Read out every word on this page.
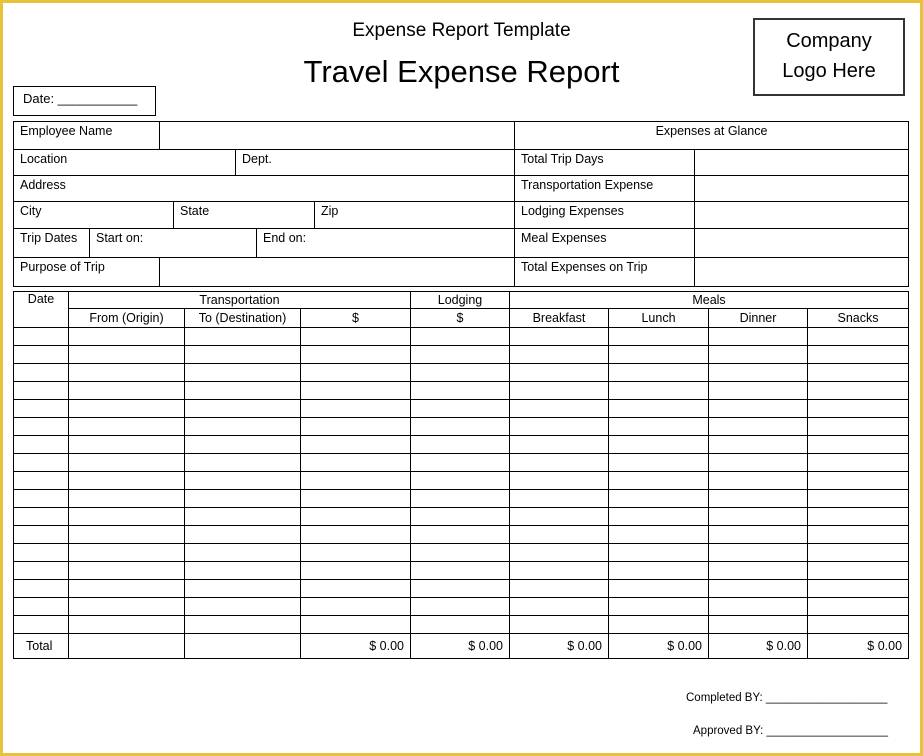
Expense Report Template
Travel Expense Report
Company
Logo Here
Date: ___________
Employee Name							Expenses at Glance	
Location				Dept.			Total Trip Days	
Address							Transportation Expense	
City			State			Zip	Lodging Expenses	
Trip Dates	Start on:				End on:		Meal Expenses	
Purpose of Trip							Total Expenses on Trip	
Date	Transportation			Lodging	Meals			
	From (Origin)	To (Destination)	$	$	Breakfast	Lunch	Dinner	Snacks

Total			$ 0.00	$ 0.00	$ 0.00	$ 0.00	$ 0.00	$ 0.00
Completed BY: ___________________
Approved BY: ___________________
